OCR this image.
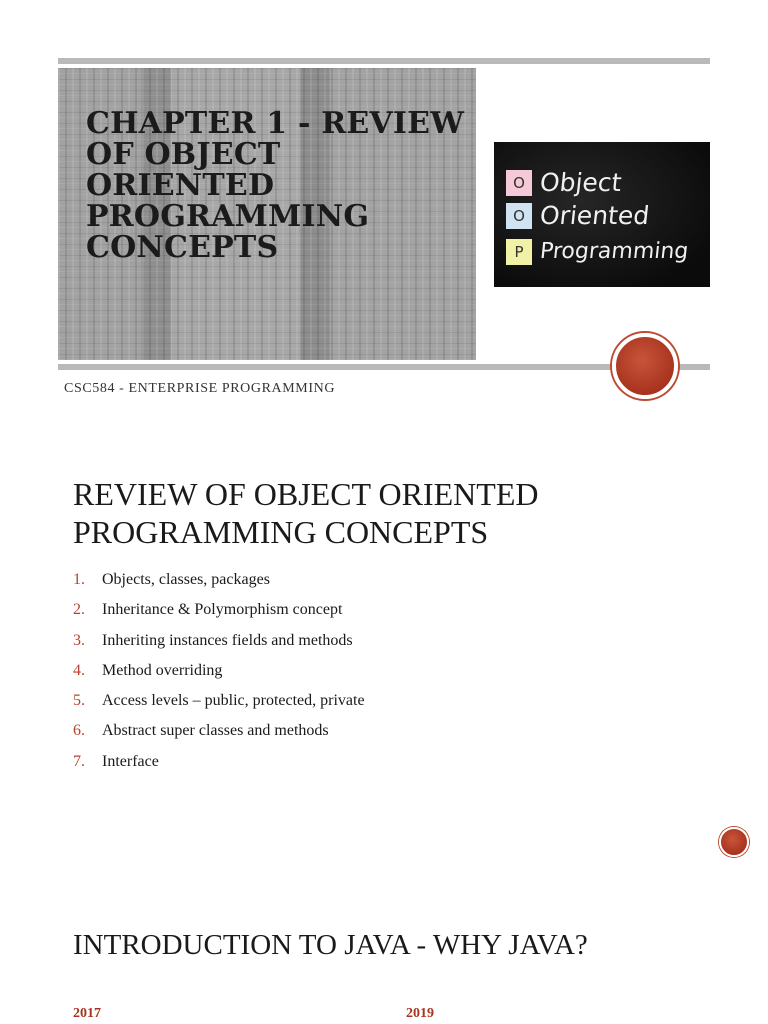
CHAPTER 1 - REVIEW OF OBJECT ORIENTED PROGRAMMING CONCEPTS
O Object
O Oriented
P Programming
CSC584 - ENTERPRISE PROGRAMMING
REVIEW OF OBJECT ORIENTED PROGRAMMING CONCEPTS
1.	Objects, classes, packages
2.	Inheritance & Polymorphism concept
3.	Inheriting instances fields and methods
4.	Method overriding
5.	Access levels – public, protected, private
6.	Abstract super classes and methods
7.	Interface
INTRODUCTION TO JAVA - WHY JAVA?
2017	2019
